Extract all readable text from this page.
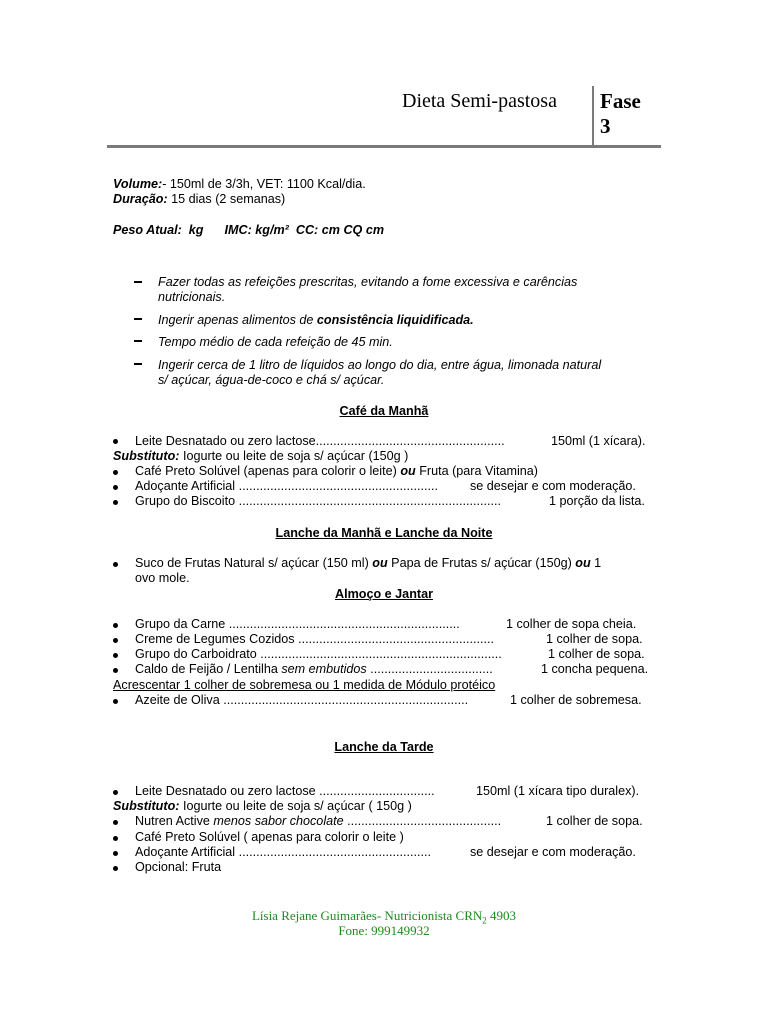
Dieta Semi-pastosa Fase
3
Volume:- 150ml de 3/3h, VET: 1100 Kcal/dia.
Duração: 15 dias (2 semanas)
Peso Atual:  kg      IMC: kg/m²  CC: cm CQ cm
Fazer todas as refeições prescritas, evitando a fome excessiva e carências
nutricionais.
Ingerir apenas alimentos de consistência liquidificada.
Tempo médio de cada refeição de 45 min.
Ingerir cerca de 1 litro de líquidos ao longo do dia, entre água, limonada natural
s/ açúcar, água-de-coco e chá s/ açúcar.
Café da Manhã
Leite Desnatado ou zero lactose......................................................	150ml (1 xícara).
Substituto: Iogurte ou leite de soja s/ açúcar (150g )
Café Preto Solúvel (apenas para colorir o leite) ou Fruta (para Vitamina)
Adoçante Artificial .........................................................	se desejar e com moderação.
Grupo do Biscoito ...........................................................................	1 porção da lista.
Lanche da Manhã e Lanche da Noite
Suco de Frutas Natural s/ açúcar (150 ml) ou Papa de Frutas s/ açúcar (150g) ou 1
ovo mole.
Almoço e Jantar
Grupo da Carne ..................................................................	1 colher de sopa cheia.
Creme de Legumes Cozidos ........................................................	1 colher de sopa.
Grupo do Carboidrato .....................................................................	1 colher de sopa.
Caldo de Feijão / Lentilha sem embutidos ...................................	1 concha pequena.
Acrescentar 1 colher de sobremesa ou 1 medida de Módulo protéico
Azeite de Oliva ......................................................................	1 colher de sobremesa.
Lanche da Tarde
Leite Desnatado ou zero lactose .................................	150ml (1 xícara tipo duralex).
Substituto: Iogurte ou leite de soja s/ açúcar ( 150g )
Nutren Active menos sabor chocolate ............................................	1 colher de sopa.
Café Preto Solúvel ( apenas para colorir o leite )
Adoçante Artificial .......................................................	se desejar e com moderação.
Opcional: Fruta
Lísia Rejane Guimarães- Nutricionista $CRN_2$ 4903
Fone: 999149932
